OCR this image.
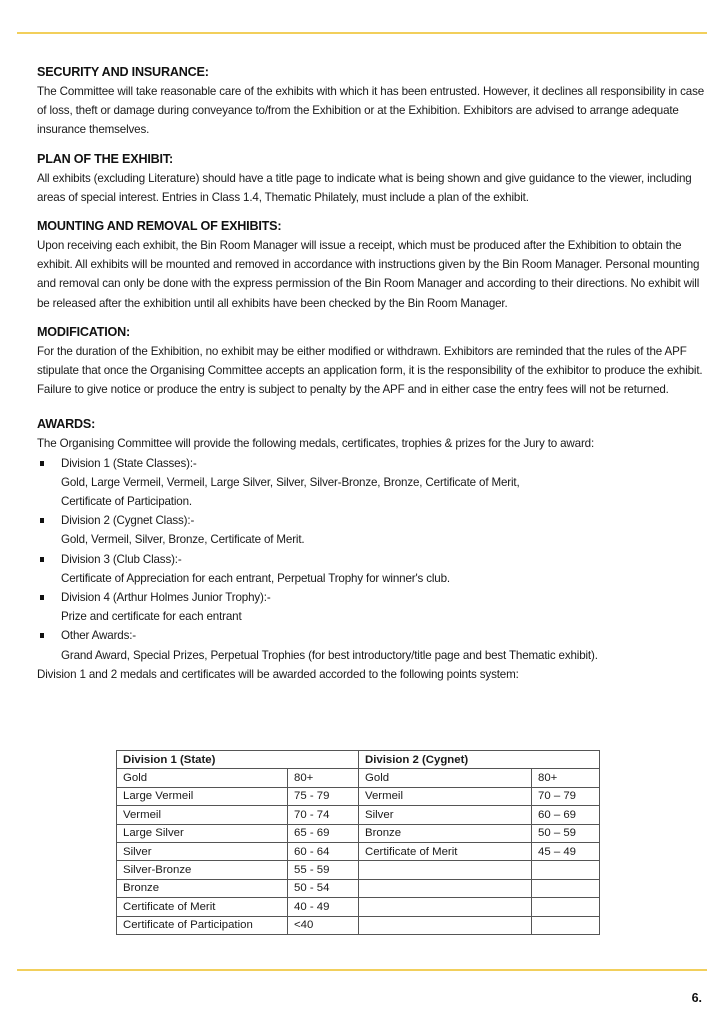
SECURITY AND INSURANCE:

The Committee will take reasonable care of the exhibits with which it has been entrusted. However, it declines all responsibility in case of loss, theft or damage during conveyance to/from the Exhibition or at the Exhibition. Exhibitors are advised to arrange adequate insurance themselves.

PLAN OF THE EXHIBIT:

All exhibits (excluding Literature) should have a title page to indicate what is being shown and give guidance to the viewer, including areas of special interest. Entries in Class 1.4, Thematic Philately, must include a plan of the exhibit.

MOUNTING AND REMOVAL OF EXHIBITS:

Upon receiving each exhibit, the Bin Room Manager will issue a receipt, which must be produced after the Exhibition to obtain the exhibit. All exhibits will be mounted and removed in accordance with instructions given by the Bin Room Manager. Personal mounting and removal can only be done with the express permission of the Bin Room Manager and according to their directions. No exhibit will be released after the exhibition until all exhibits have been checked by the Bin Room Manager.

MODIFICATION:

For the duration of the Exhibition, no exhibit may be either modified or withdrawn. Exhibitors are reminded that the rules of the APF stipulate that once the Organising Committee accepts an application form, it is the responsibility of the exhibitor to produce the exhibit. Failure to give notice or produce the entry is subject to penalty by the APF and in either case the entry fees will not be returned.

AWARDS:

The Organising Committee will provide the following medals, certificates, trophies & prizes for the Jury to award:

Division 1 (State Classes):-
Gold, Large Vermeil, Vermeil, Large Silver, Silver, Silver-Bronze, Bronze, Certificate of Merit,
Certificate of Participation.
Division 2 (Cygnet Class):-
Gold, Vermeil, Silver, Bronze, Certificate of Merit.
Division 3 (Club Class):-
Certificate of Appreciation for each entrant, Perpetual Trophy for winner's club.
Division 4 (Arthur Holmes Junior Trophy):-
Prize and certificate for each entrant
Other Awards:-
Grand Award, Special Prizes, Perpetual Trophies (for best introductory/title page and best Thematic exhibit).

Division 1 and 2 medals and certificates will be awarded accorded to the following points system:

Division 1 (State)		Division 2 (Cygnet)	
Gold	80+	Gold	80+
Large Vermeil	75 - 79	Vermeil	70 – 79
Vermeil	70 - 74	Silver	60 – 69
Large Silver	65 - 69	Bronze	50 – 59
Silver	60 - 64	Certificate of Merit	45 – 49
Silver-Bronze	55 - 59		
Bronze	50 - 54		
Certificate of Merit	40 - 49		
Certificate of Participation	<40		
6.
